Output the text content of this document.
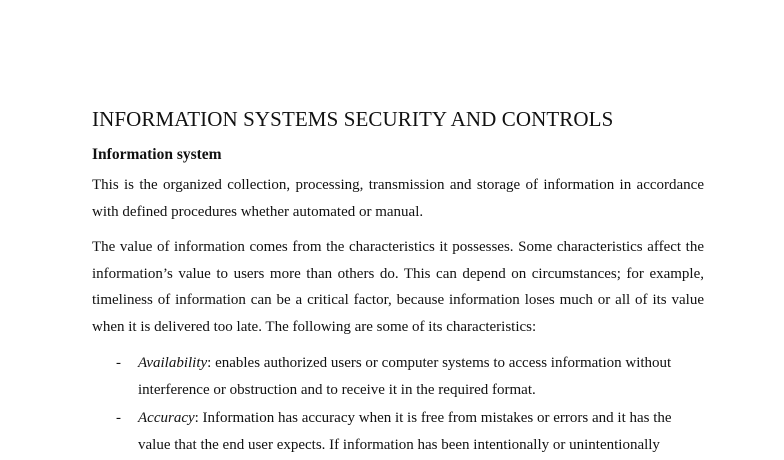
INFORMATION SYSTEMS SECURITY AND CONTROLS
Information system

This is the organized collection, processing, transmission and storage of information in accordance with defined procedures whether automated or manual.

The value of information comes from the characteristics it possesses. Some characteristics affect the information’s value to users more than others do. This can depend on circumstances; for example, timeliness of information can be a critical factor, because information loses much or all of its value when it is delivered too late. The following are some of its characteristics:

- Availability: enables authorized users or computer systems to access information without interference or obstruction and to receive it in the required format.
- Accuracy: Information has accuracy when it is free from mistakes or errors and it has the value that the end user expects. If information has been intentionally or unintentionally
